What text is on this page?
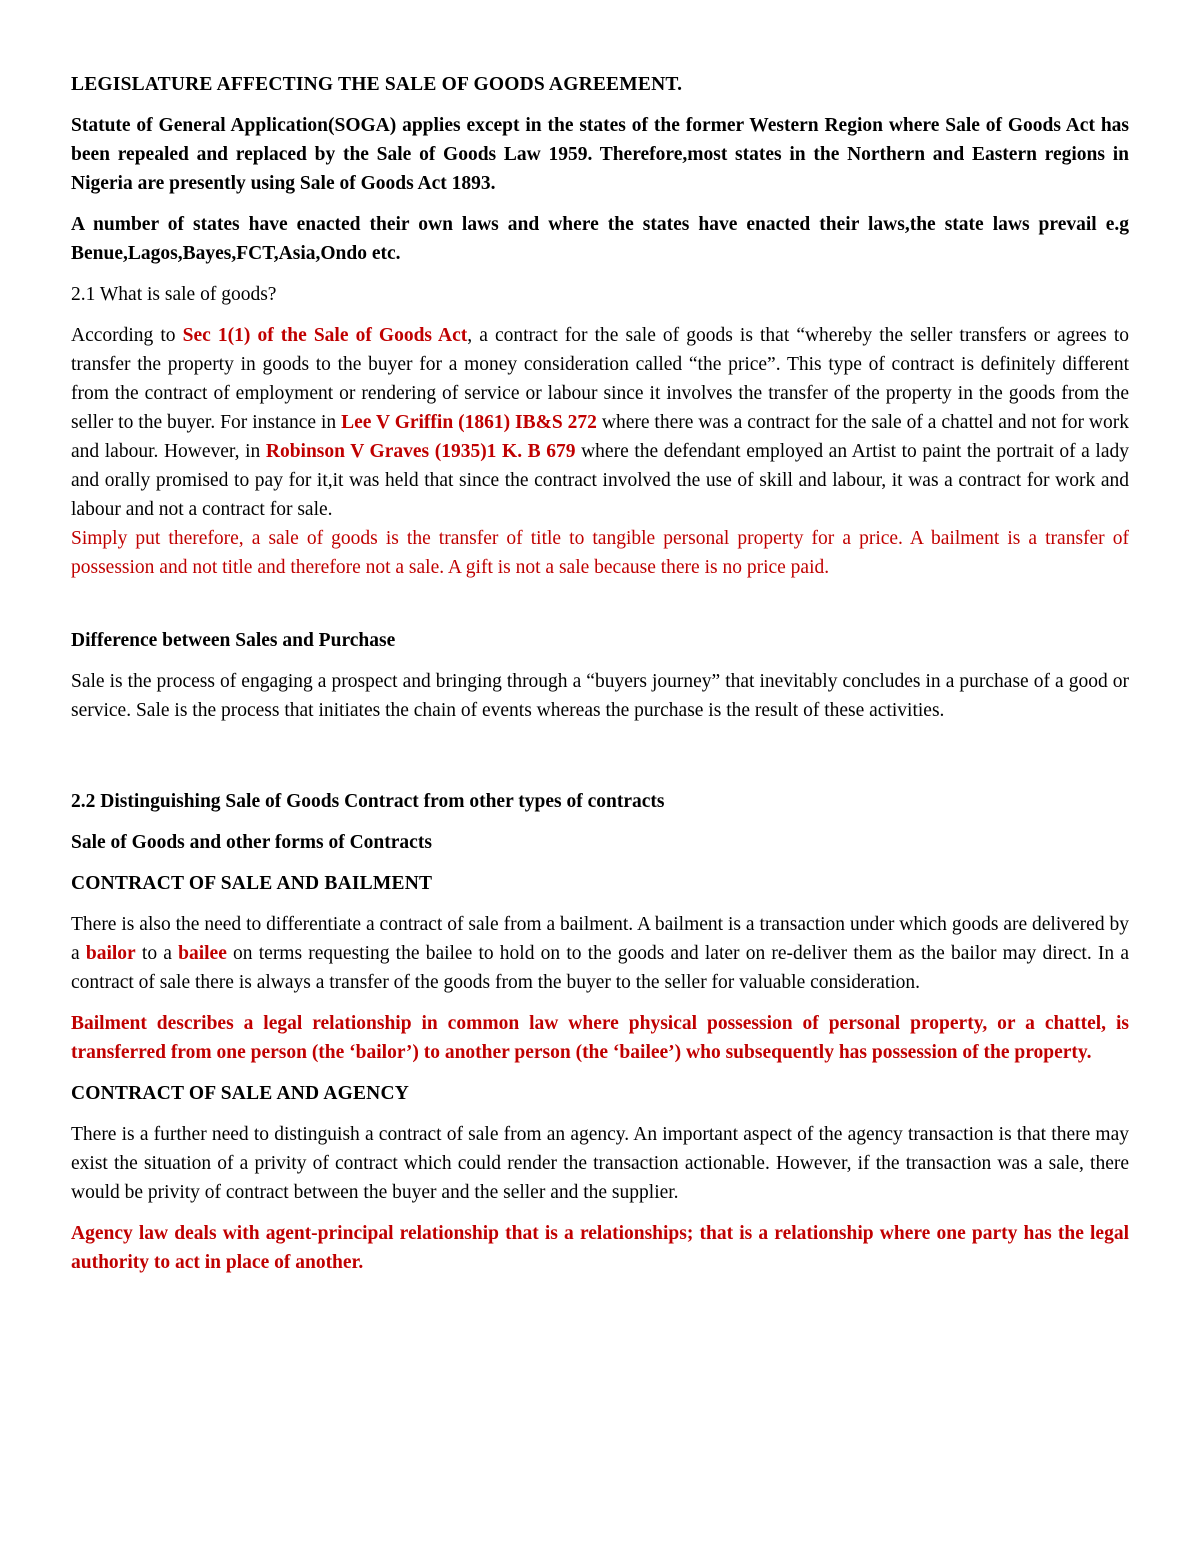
LEGISLATURE AFFECTING THE SALE OF GOODS AGREEMENT.

Statute of General Application(SOGA) applies except in the states of the former Western Region where Sale of Goods Act has been repealed and replaced by the Sale of Goods Law 1959. Therefore,most states in the Northern and Eastern regions in Nigeria are presently using Sale of Goods Act 1893.

A number of states have enacted their own laws and where the states have enacted their laws,the state laws prevail e.g Benue,Lagos,Bayes,FCT,Asia,Ondo etc.

2.1 What is sale of goods?

According to Sec 1(1) of the Sale of Goods Act, a contract for the sale of goods is that “whereby the seller transfers or agrees to transfer the property in goods to the buyer for a money consideration called “the price”. This type of contract is definitely different from the contract of employment or rendering of service or labour since it involves the transfer of the property in the goods from the seller to the buyer. For instance in Lee V Griffin (1861) IB&S 272 where there was a contract for the sale of a chattel and not for work and labour. However, in Robinson V Graves (1935)1 K. B 679 where the defendant employed an Artist to paint the portrait of a lady and orally promised to pay for it,it was held that since the contract involved the use of skill and labour, it was a contract for work and labour and not a contract for sale.

Simply put therefore, a sale of goods is the transfer of title to tangible personal property for a price. A bailment is a transfer of possession and not title and therefore not a sale. A gift is not a sale because there is no price paid.

Difference between Sales and Purchase

Sale is the process of engaging a prospect and bringing through a “buyers journey” that inevitably concludes in a purchase of a good or service. Sale is the process that initiates the chain of events whereas the purchase is the result of these activities.

2.2 Distinguishing Sale of Goods Contract from other types of contracts

Sale of Goods and other forms of Contracts

CONTRACT OF SALE AND BAILMENT

There is also the need to differentiate a contract of sale from a bailment. A bailment is a transaction under which goods are delivered by a bailor to a bailee on terms requesting the bailee to hold on to the goods and later on re-deliver them as the bailor may direct. In a contract of sale there is always a transfer of the goods from the buyer to the seller for valuable consideration.

Bailment describes a legal relationship in common law where physical possession of personal property, or a chattel, is transferred from one person (the ‘bailor’) to another person (the ‘bailee’) who subsequently has possession of the property.

CONTRACT OF SALE AND AGENCY

There is a further need to distinguish a contract of sale from an agency. An important aspect of the agency transaction is that there may exist the situation of a privity of contract which could render the transaction actionable. However, if the transaction was a sale, there would be privity of contract between the buyer and the seller and the supplier.

Agency law deals with agent-principal relationship that is a relationships; that is a relationship where one party has the legal authority to act in place of another.
